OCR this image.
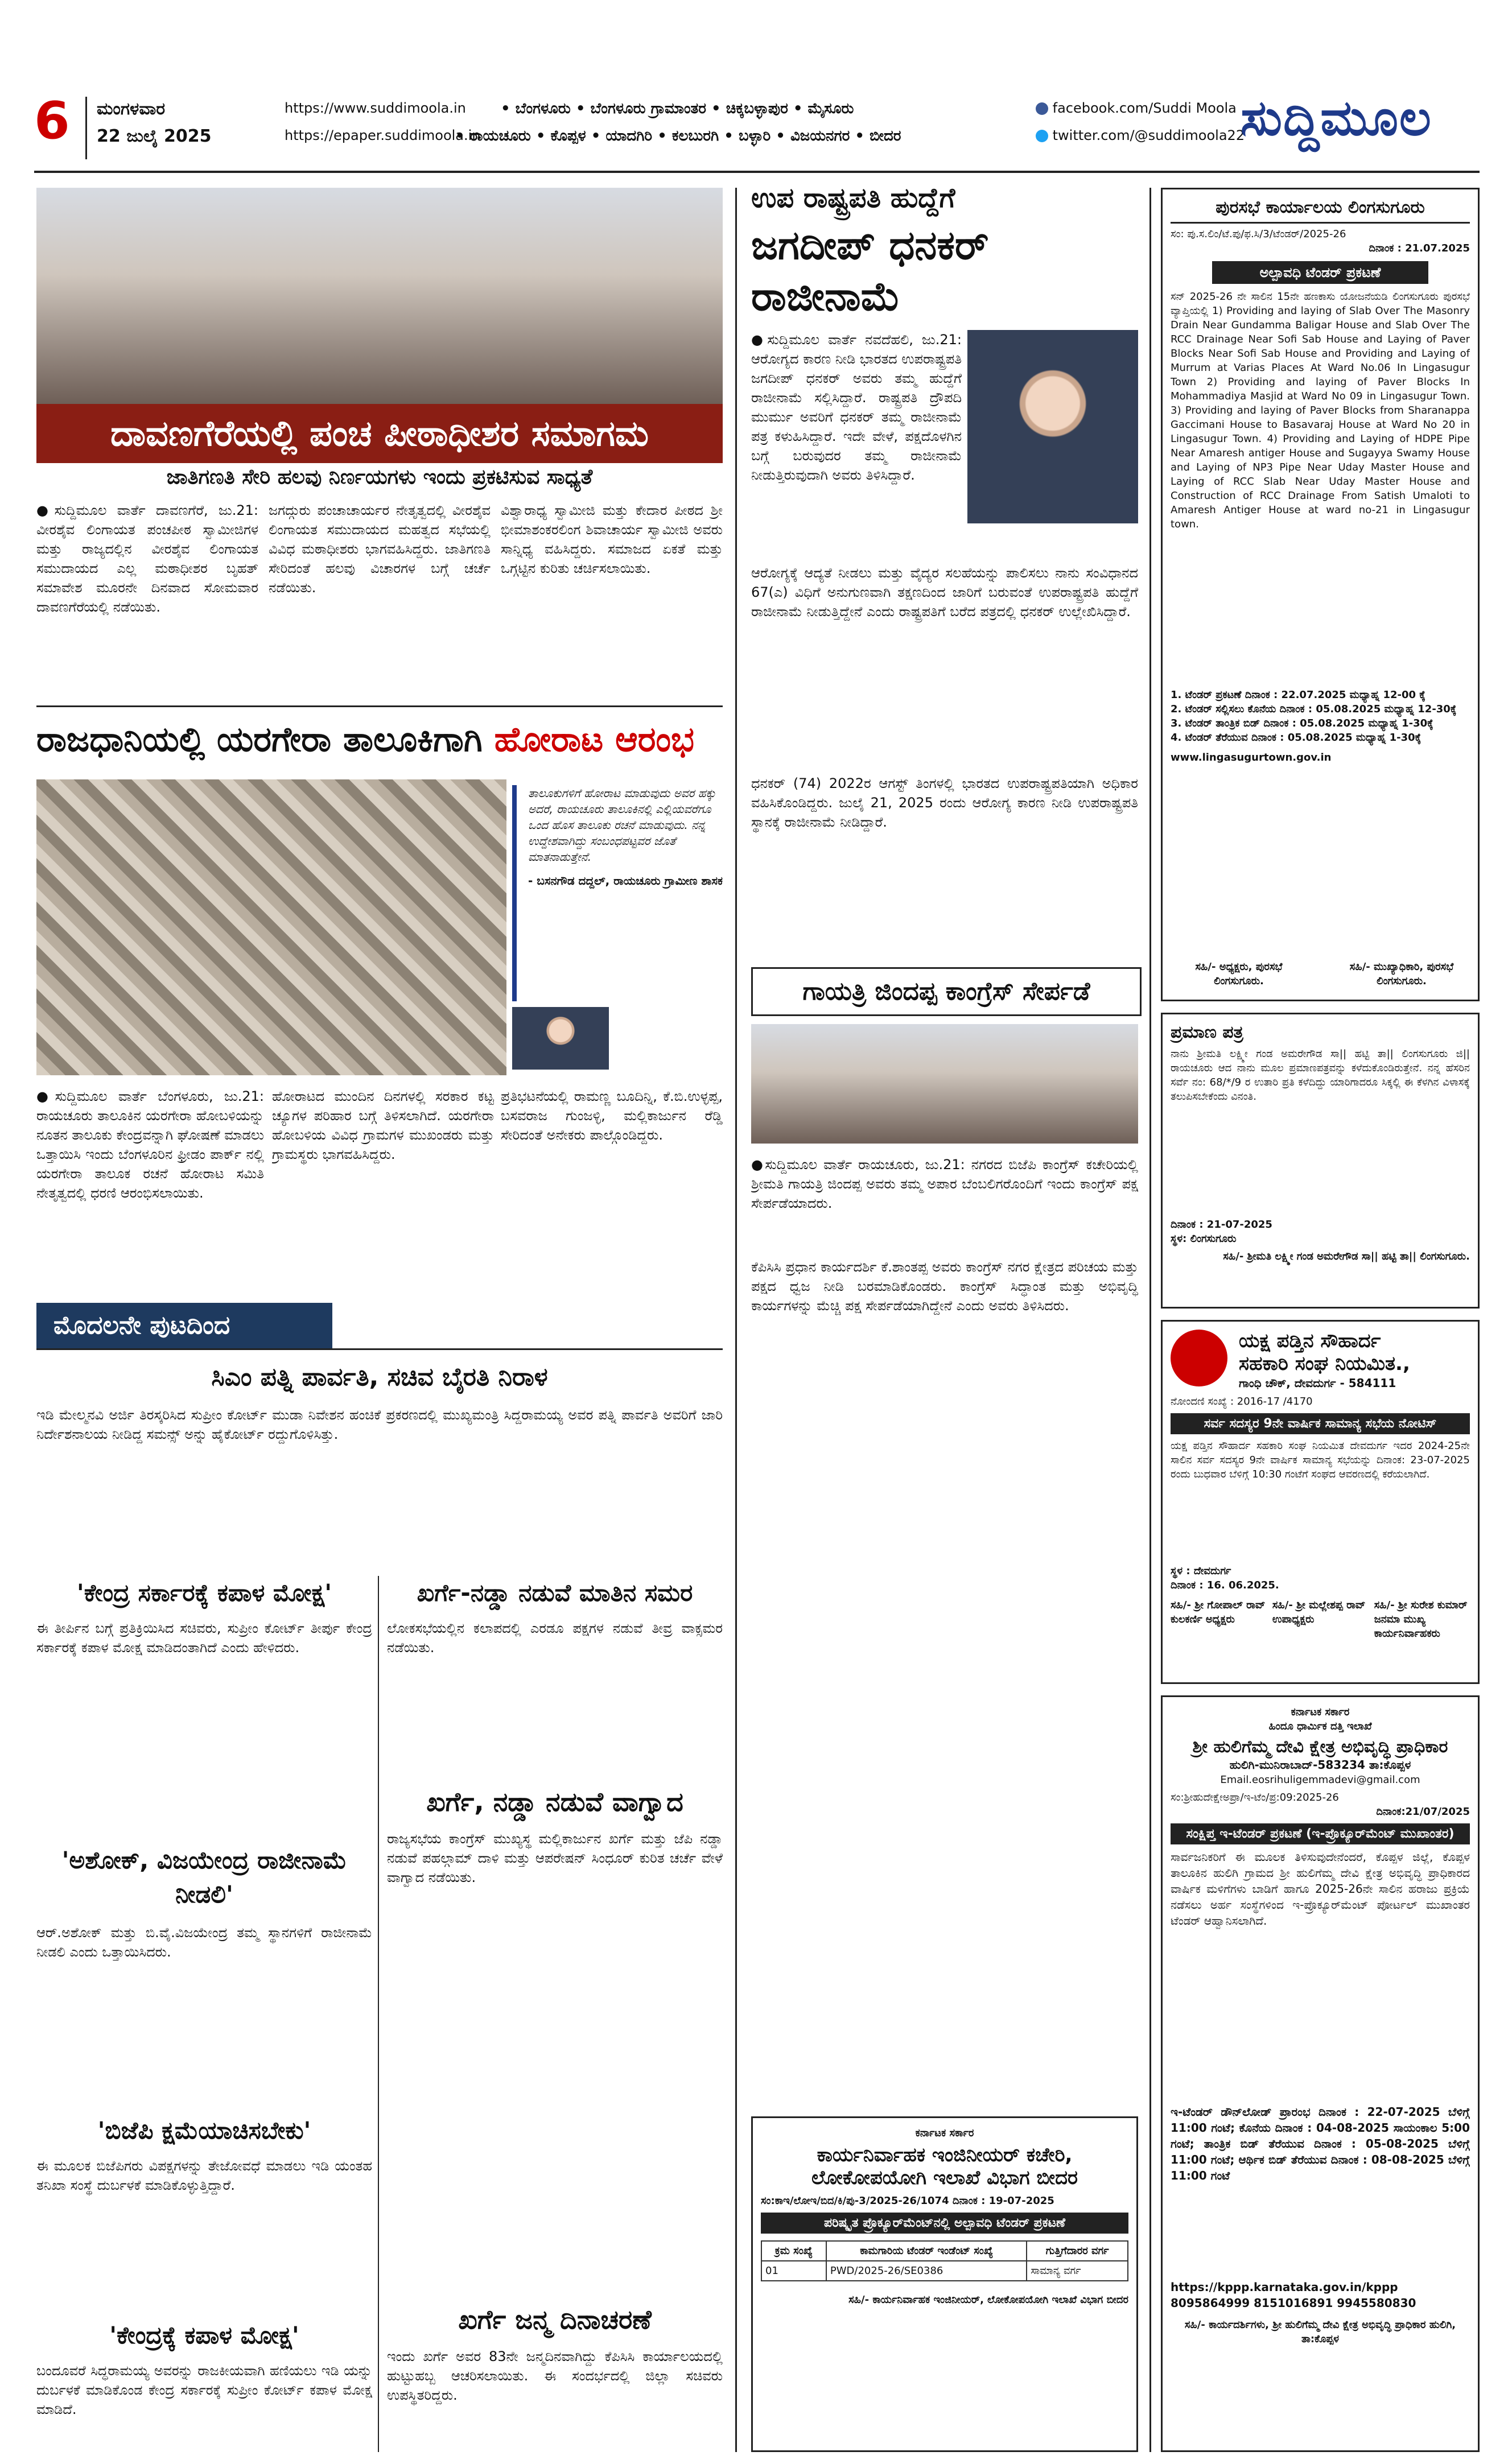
6 ಮಂಗಳವಾರ
22 ಜುಲೈ 2025
https://www.suddimoola.in
https://epaper.suddimoola.in
• ಬೆಂಗಳೂರು • ಬೆಂಗಳೂರು ಗ್ರಾಮಾಂತರ • ಚಿಕ್ಕಬಳ್ಳಾಪುರ • ಮೈಸೂರು
• ರಾಯಚೂರು • ಕೊಪ್ಪಳ • ಯಾದಗಿರಿ • ಕಲಬುರಗಿ • ಬಳ್ಳಾರಿ • ವಿಜಯನಗರ • ಬೀದರ
facebook.com/Suddi Moola
twitter.com/@suddimoola22
ಸುದ್ದಿಮೂಲ
ದಾವಣಗೆರೆಯಲ್ಲಿ ಪಂಚ ಪೀಠಾಧೀಶರ ಸಮಾಗಮ
ಜಾತಿಗಣತಿ ಸೇರಿ ಹಲವು ನಿರ್ಣಯಗಳು ಇಂದು ಪ್ರಕಟಿಸುವ ಸಾಧ್ಯತೆ
●ಸುದ್ದಿಮೂಲ ವಾರ್ತೆ ದಾವಣಗೆರೆ, ಜು.21: ವೀರಶೈವ ಲಿಂಗಾಯತ ಪಂಚಪೀಠ ಸ್ವಾಮೀಜಿಗಳ ಮತ್ತು ರಾಜ್ಯದಲ್ಲಿನ ವೀರಶೈವ ಲಿಂಗಾಯತ ಸಮುದಾಯದ ಎಲ್ಲ ಮಠಾಧೀಶರ ಬೃಹತ್ ಸಮಾವೇಶ ಮೂರನೇ ದಿನವಾದ ಸೋಮವಾರ ದಾವಣಗೆರೆಯಲ್ಲಿ ನಡೆಯಿತು.
ಜಗದ್ಗುರು ಪಂಚಾಚಾರ್ಯರ ನೇತೃತ್ವದಲ್ಲಿ ವೀರಶೈವ ಲಿಂಗಾಯತ ಸಮುದಾಯದ ಮಹತ್ವದ ಸಭೆಯಲ್ಲಿ ವಿವಿಧ ಮಠಾಧೀಶರು ಭಾಗವಹಿಸಿದ್ದರು. ಜಾತಿಗಣತಿ ಸೇರಿದಂತೆ ಹಲವು ವಿಚಾರಗಳ ಬಗ್ಗೆ ಚರ್ಚೆ ನಡೆಯಿತು.
ವಿಶ್ವಾರಾಧ್ಯ ಸ್ವಾಮೀಜಿ ಮತ್ತು ಕೇದಾರ ಪೀಠದ ಶ್ರೀ ಭೀಮಾಶಂಕರಲಿಂಗ ಶಿವಾಚಾರ್ಯ ಸ್ವಾಮೀಜಿ ಅವರು ಸಾನ್ನಿಧ್ಯ ವಹಿಸಿದ್ದರು. ಸಮಾಜದ ಏಕತೆ ಮತ್ತು ಒಗ್ಗಟ್ಟಿನ ಕುರಿತು ಚರ್ಚಿಸಲಾಯಿತು.
ರಾಜಧಾನಿಯಲ್ಲಿ ಯರಗೇರಾ ತಾಲೂಕಿಗಾಗಿ ಹೋರಾಟ ಆರಂಭ
ತಾಲೂಕುಗಳಿಗೆ ಹೋರಾಟ ಮಾಡುವುದು ಅವರ ಹಕ್ಕು ಅದರೆ, ರಾಯಚೂರು ತಾಲೂಕಿನಲ್ಲಿ ಎಲ್ಲಿಯವರೆಗೂ ಒಂದ ಹೊಸ ತಾಲೂಕು ರಚನೆ ಮಾಡುವುದು. ನನ್ನ ಉದ್ದೇಶವಾಗಿದ್ದು ಸಂಬಂಧಪಟ್ಟವರ ಜೊತೆ ಮಾತನಾಡುತ್ತೇನೆ.
- ಬಸನಗೌಡ ದದ್ದಲ್, ರಾಯಚೂರು ಗ್ರಾಮೀಣ ಶಾಸಕ
●ಸುದ್ದಿಮೂಲ ವಾರ್ತೆ ಬೆಂಗಳೂರು, ಜು.21: ರಾಯಚೂರು ತಾಲೂಕಿನ ಯರಗೇರಾ ಹೋಬಳಿಯನ್ನು ನೂತನ ತಾಲೂಕು ಕೇಂದ್ರವನ್ನಾಗಿ ಘೋಷಣೆ ಮಾಡಲು ಒತ್ತಾಯಿಸಿ ಇಂದು ಬೆಂಗಳೂರಿನ ಫ್ರೀಡಂ ಪಾರ್ಕ್ ನಲ್ಲಿ ಯರಗೇರಾ ತಾಲೂಕ ರಚನೆ ಹೋರಾಟ ಸಮಿತಿ ನೇತೃತ್ವದಲ್ಲಿ ಧರಣಿ ಆರಂಭಿಸಲಾಯಿತು.
ಹೋರಾಟದ ಮುಂದಿನ ದಿನಗಳಲ್ಲಿ ಸರಕಾರ ಕಟ್ಟ ಚ್ಯೂಗಳ ಪರಿಹಾರ ಬಗ್ಗೆ ತಿಳಿಸಲಾಗಿದೆ. ಯರಗೇರಾ ಹೋಬಳಿಯ ವಿವಿಧ ಗ್ರಾಮಗಳ ಮುಖಂಡರು ಮತ್ತು ಗ್ರಾಮಸ್ಥರು ಭಾಗವಹಿಸಿದ್ದರು.
ಪ್ರತಿಭಟನೆಯಲ್ಲಿ ರಾಮಣ್ಣ ಬೂದಿನ್ನಿ, ಕೆ.ಬಿ.ಉಳ್ಳಪ್ಪ, ಬಸವರಾಜ ಗುಂಜಳ್ಳಿ, ಮಲ್ಲಿಕಾರ್ಜುನ ರೆಡ್ಡಿ ಸೇರಿದಂತೆ ಅನೇಕರು ಪಾಲ್ಗೊಂಡಿದ್ದರು.
ಮೊದಲನೇ ಪುಟದಿಂದ
ಸಿಎಂ ಪತ್ನಿ ಪಾರ್ವತಿ, ಸಚಿವ ಬೈರತಿ ನಿರಾಳ
ಇಡಿ ಮೇಲ್ಮನವಿ ಅರ್ಜಿ ತಿರಸ್ಕರಿಸಿದ ಸುಪ್ರೀಂ ಕೋರ್ಟ್ ಮುಡಾ ನಿವೇಶನ ಹಂಚಿಕೆ ಪ್ರಕರಣದಲ್ಲಿ ಮುಖ್ಯಮಂತ್ರಿ ಸಿದ್ದರಾಮಯ್ಯ ಅವರ ಪತ್ನಿ ಪಾರ್ವತಿ ಅವರಿಗೆ ಜಾರಿ ನಿರ್ದೇಶನಾಲಯ ನೀಡಿದ್ದ ಸಮನ್ಸ್ ಅನ್ನು ಹೈಕೋರ್ಟ್ ರದ್ದುಗೊಳಿಸಿತ್ತು.
'ಕೇಂದ್ರ ಸರ್ಕಾರಕ್ಕೆ ಕಪಾಳ ಮೋಕ್ಷ'
ಈ ತೀರ್ಪಿನ ಬಗ್ಗೆ ಪ್ರತಿಕ್ರಿಯಿಸಿದ ಸಚಿವರು, ಸುಪ್ರೀಂ ಕೋರ್ಟ್ ತೀರ್ಪು ಕೇಂದ್ರ ಸರ್ಕಾರಕ್ಕೆ ಕಪಾಳ ಮೋಕ್ಷ ಮಾಡಿದಂತಾಗಿದೆ ಎಂದು ಹೇಳಿದರು.
'ಅಶೋಕ್, ವಿಜಯೇಂದ್ರ ರಾಜೀನಾಮೆ ನೀಡಲಿ'
ಆರ್.ಅಶೋಕ್ ಮತ್ತು ಬಿ.ವೈ.ವಿಜಯೇಂದ್ರ ತಮ್ಮ ಸ್ಥಾನಗಳಿಗೆ ರಾಜೀನಾಮೆ ನೀಡಲಿ ಎಂದು ಒತ್ತಾಯಿಸಿದರು.
'ಬಿಜೆಪಿ ಕ್ಷಮೆಯಾಚಿಸಬೇಕು'
ಈ ಮೂಲಕ ಬಿಜೆಪಿಗರು ವಿಪಕ್ಷಗಳನ್ನು ತೇಜೋವಧೆ ಮಾಡಲು ಇಡಿ ಯಂತಹ ತನಿಖಾ ಸಂಸ್ಥೆ ದುರ್ಬಳಕೆ ಮಾಡಿಕೊಳ್ಳುತ್ತಿದ್ದಾರೆ.
'ಕೇಂದ್ರಕ್ಕೆ ಕಪಾಳ ಮೋಕ್ಷ'
ಬಂದೂವರೆ ಸಿದ್ಧರಾಮಯ್ಯ ಅವರನ್ನು ರಾಜಕೀಯವಾಗಿ ಹಣಿಯಲು ಇಡಿ ಯನ್ನು ದುರ್ಬಳಕೆ ಮಾಡಿಕೊಂಡ ಕೇಂದ್ರ ಸರ್ಕಾರಕ್ಕೆ ಸುಪ್ರೀಂ ಕೋರ್ಟ್ ಕಪಾಳ ಮೋಕ್ಷ ಮಾಡಿದೆ.
ಖರ್ಗೆ-ನಡ್ಡಾ ನಡುವೆ ಮಾತಿನ ಸಮರ
ಲೋಕಸಭೆಯಲ್ಲಿನ ಕಲಾಪದಲ್ಲಿ ಎರಡೂ ಪಕ್ಷಗಳ ನಡುವೆ ತೀವ್ರ ವಾಕ್ಸಮರ ನಡೆಯಿತು.
ಖರ್ಗೆ, ನಡ್ಡಾ ನಡುವೆ ವಾಗ್ವಾದ
ರಾಜ್ಯಸಭೆಯ ಕಾಂಗ್ರೆಸ್ ಮುಖ್ಯಸ್ಥ ಮಲ್ಲಿಕಾರ್ಜುನ ಖರ್ಗೆ ಮತ್ತು ಜೆಪಿ ನಡ್ಡಾ ನಡುವೆ ಪಹಲ್ಗಾಮ್ ದಾಳಿ ಮತ್ತು ಆಪರೇಷನ್ ಸಿಂಧೂರ್ ಕುರಿತ ಚರ್ಚೆ ವೇಳೆ ವಾಗ್ವಾದ ನಡೆಯಿತು.
ಖರ್ಗೆ ಜನ್ಮ ದಿನಾಚರಣೆ
ಇಂದು ಖರ್ಗೆ ಅವರ 83ನೇ ಜನ್ಮದಿನವಾಗಿದ್ದು ಕೆಪಿಸಿಸಿ ಕಾರ್ಯಾಲಯದಲ್ಲಿ ಹುಟ್ಟುಹಬ್ಬ ಆಚರಿಸಲಾಯಿತು. ಈ ಸಂದರ್ಭದಲ್ಲಿ ಜಿಲ್ಲಾ ಸಚಿವರು ಉಪಸ್ಥಿತರಿದ್ದರು.
ಉಪ ರಾಷ್ಟ್ರಪತಿ ಹುದ್ದೆಗೆ
ಜಗದೀಪ್ ಧನಕರ್
ರಾಜೀನಾಮೆ
●ಸುದ್ದಿಮೂಲ ವಾರ್ತೆ ನವದೆಹಲಿ, ಜು.21: ಆರೋಗ್ಯದ ಕಾರಣ ನೀಡಿ ಭಾರತದ ಉಪರಾಷ್ಟ್ರಪತಿ ಜಗದೀಪ್ ಧನಕರ್ ಅವರು ತಮ್ಮ ಹುದ್ದೆಗೆ ರಾಜೀನಾಮೆ ಸಲ್ಲಿಸಿದ್ದಾರೆ. ರಾಷ್ಟ್ರಪತಿ ದ್ರೌಪದಿ ಮುರ್ಮು ಅವರಿಗೆ ಧನಕರ್ ತಮ್ಮ ರಾಜೀನಾಮೆ ಪತ್ರ ಕಳುಹಿಸಿದ್ದಾರೆ. ಇದೇ ವೇಳೆ, ಪಕ್ಷದೊಳಗಿನ ಬಗ್ಗೆ ಬರುವುದರ ತಮ್ಮ ರಾಜೀನಾಮೆ ನೀಡುತ್ತಿರುವುದಾಗಿ ಅವರು ತಿಳಿಸಿದ್ದಾರೆ.
ಆರೋಗ್ಯಕ್ಕೆ ಆದ್ಯತೆ ನೀಡಲು ಮತ್ತು ವೈದ್ಯರ ಸಲಹೆಯನ್ನು ಪಾಲಿಸಲು ನಾನು ಸಂವಿಧಾನದ 67(ಎ) ವಿಧಿಗೆ ಅನುಗುಣವಾಗಿ ತಕ್ಷಣದಿಂದ ಜಾರಿಗೆ ಬರುವಂತೆ ಉಪರಾಷ್ಟ್ರಪತಿ ಹುದ್ದೆಗೆ ರಾಜೀನಾಮೆ ನೀಡುತ್ತಿದ್ದೇನೆ ಎಂದು ರಾಷ್ಟ್ರಪತಿಗೆ ಬರೆದ ಪತ್ರದಲ್ಲಿ ಧನಕರ್ ಉಲ್ಲೇಖಿಸಿದ್ದಾರೆ.
ಧನಕರ್ (74) 2022ರ ಆಗಸ್ಟ್ ತಿಂಗಳಲ್ಲಿ ಭಾರತದ ಉಪರಾಷ್ಟ್ರಪತಿಯಾಗಿ ಅಧಿಕಾರ ವಹಿಸಿಕೊಂಡಿದ್ದರು. ಜುಲೈ 21, 2025 ರಂದು ಆರೋಗ್ಯ ಕಾರಣ ನೀಡಿ ಉಪರಾಷ್ಟ್ರಪತಿ ಸ್ಥಾನಕ್ಕೆ ರಾಜೀನಾಮೆ ನೀಡಿದ್ದಾರೆ.
ಗಾಯತ್ರಿ ಜಿಂದಪ್ಪ ಕಾಂಗ್ರೆಸ್ ಸೇರ್ಪಡೆ
●ಸುದ್ದಿಮೂಲ ವಾರ್ತೆ ರಾಯಚೂರು, ಜು.21: ನಗರದ ಬಿಜೆಪಿ ಕಾಂಗ್ರೆಸ್ ಕಚೇರಿಯಲ್ಲಿ ಶ್ರೀಮತಿ ಗಾಯತ್ರಿ ಜಿಂದಪ್ಪ ಅವರು ತಮ್ಮ ಅಪಾರ ಬೆಂಬಲಿಗರೊಂದಿಗೆ ಇಂದು ಕಾಂಗ್ರೆಸ್ ಪಕ್ಷ ಸೇರ್ಪಡೆಯಾದರು.
ಕೆಪಿಸಿಸಿ ಪ್ರಧಾನ ಕಾರ್ಯದರ್ಶಿ ಕೆ.ಶಾಂತಪ್ಪ ಅವರು ಕಾಂಗ್ರೆಸ್ ನಗರ ಕ್ಷೇತ್ರದ ಪರಿಚಯ ಮತ್ತು ಪಕ್ಷದ ಧ್ವಜ ನೀಡಿ ಬರಮಾಡಿಕೊಂಡರು. ಕಾಂಗ್ರೆಸ್ ಸಿದ್ಧಾಂತ ಮತ್ತು ಅಭಿವೃದ್ಧಿ ಕಾರ್ಯಗಳನ್ನು ಮೆಚ್ಚಿ ಪಕ್ಷ ಸೇರ್ಪಡೆಯಾಗಿದ್ದೇನೆ ಎಂದು ಅವರು ತಿಳಿಸಿದರು.
ಕರ್ನಾಟಕ ಸರ್ಕಾರ
ಕಾರ್ಯನಿರ್ವಾಹಕ ಇಂಜಿನೀಯರ್ ಕಚೇರಿ,
ಲೋಕೋಪಯೋಗಿ ಇಲಾಖೆ ವಿಭಾಗ ಬೀದರ
ಸಂ:ಕಾಇ/ಲೋಇ/ಬಿದ/ಕಿ/ಪು-3/2025-26/1074 ದಿನಾಂಕ : 19-07-2025
ಪರಿಷ್ಕೃತ ಪ್ರೊಕ್ಯೂರ್‌ಮೆಂಟ್‌ನಲ್ಲಿ ಅಲ್ಪಾವಧಿ ಟೆಂಡರ್ ಪ್ರಕಟಣೆ
ಕ್ರಮ ಸಂಖ್ಯೆ	ಕಾಮಗಾರಿಯ ಟೆಂಡರ್ ಇಂಡೆಂಟ್ ಸಂಖ್ಯೆ	ಗುತ್ತಿಗೆದಾರರ ವರ್ಗ
01	PWD/2025-26/SE0386	ಸಾಮಾನ್ಯ ವರ್ಗ
ಸಹಿ/- ಕಾರ್ಯನಿರ್ವಾಹಕ ಇಂಜಿನೀಯರ್, ಲೋಕೋಪಯೋಗಿ ಇಲಾಖೆ ವಿಭಾಗ ಬೀದರ
ಪುರಸಭೆ ಕಾರ್ಯಾಲಯ ಲಿಂಗಸುಗೂರು
ಸಂ: ಪು.ಸ.ಲಿಂ/ಟೆ.ಪು/ಫ.ಸಿ/3/ಟೆಂಡರ್/2025-26
ದಿನಾಂಕ : 21.07.2025
ಅಲ್ಪಾವಧಿ ಟೆಂಡರ್ ಪ್ರಕಟಣೆ
ಸನ್ 2025-26 ನೇ ಸಾಲಿನ 15ನೇ ಹಣಕಾಸು ಯೋಜನೆಯಡಿ ಲಿಂಗಸುಗೂರು ಪುರಸಭೆ ವ್ಯಾಪ್ತಿಯಲ್ಲಿ 1) Providing and laying of Slab Over The Masonry Drain Near Gundamma Baligar House and Slab Over The RCC Drainage Near Sofi Sab House and Laying of Paver Blocks Near Sofi Sab House and Providing and Laying of Murrum at Varias Places At Ward No.06 In Lingasugur Town 2) Providing and laying of Paver Blocks In Mohammadiya Masjid at Ward No 09 in Lingasugur Town. 3) Providing and laying of Paver Blocks from Sharanappa Gaccimani House to Basavaraj House at Ward No 20 in Lingasugur Town. 4) Providing and Laying of HDPE Pipe Near Amaresh antiger House and Sugayya Swamy House and Laying of NP3 Pipe Near Uday Master House and Laying of RCC Slab Near Uday Master House and Construction of RCC Drainage From Satish Umaloti to Amaresh Antiger House at ward no-21 in Lingasugur town.
1. ಟೆಂಡರ್ ಪ್ರಕಟಣೆ ದಿನಾಂಕ : 22.07.2025 ಮಧ್ಯಾಹ್ನ 12-00 ಕ್ಕೆ
2. ಟೆಂಡರ್ ಸಲ್ಲಿಸಲು ಕೊನೆಯ ದಿನಾಂಕ : 05.08.2025 ಮಧ್ಯಾಹ್ನ 12-30ಕ್ಕೆ
3. ಟೆಂಡರ್ ತಾಂತ್ರಿಕ ಬಿಡ್ ದಿನಾಂಕ : 05.08.2025 ಮಧ್ಯಾಹ್ನ 1-30ಕ್ಕೆ
4. ಟೆಂಡರ್ ತೆರೆಯುವ ದಿನಾಂಕ : 05.08.2025 ಮಧ್ಯಾಹ್ನ 1-30ಕ್ಕೆ
www.lingasugurtown.gov.in
ಸಹಿ/- ಅಧ್ಯಕ್ಷರು, ಪುರಸಭೆ ಲಿಂಗಸುಗೂರು.
ಸಹಿ/- ಮುಖ್ಯಾಧಿಕಾರಿ, ಪುರಸಭೆ ಲಿಂಗಸುಗೂರು.
ಪ್ರಮಾಣ ಪತ್ರ
ನಾನು ಶ್ರೀಮತಿ ಲಕ್ಷ್ಮೀ ಗಂಡ ಅಮರೇಗೌಡ ಸಾ|| ಹಟ್ಟಿ ತಾ|| ಲಿಂಗಸುಗೂರು ಜಿ|| ರಾಯಚೂರು ಆದ ನಾನು ಮೂಲ ಪ್ರಮಾಣಪತ್ರವನ್ನು ಕಳೆದುಕೊಂಡಿರುತ್ತೇನೆ. ನನ್ನ ಹೆಸರಿನ ಸರ್ವೆ ನಂ: 68/*/9 ರ ಉತಾರಿ ಪ್ರತಿ ಕಳೆದಿದ್ದು ಯಾರಿಗಾದರೂ ಸಿಕ್ಕಲ್ಲಿ ಈ ಕೆಳಗಿನ ವಿಳಾಸಕ್ಕೆ ತಲುಪಿಸಬೇಕೆಂದು ವಿನಂತಿ.
ದಿನಾಂಕ : 21-07-2025
ಸ್ಥಳ: ಲಿಂಗಸುಗೂರು
ಸಹಿ/- ಶ್ರೀಮತಿ ಲಕ್ಷ್ಮೀ ಗಂಡ ಅಮರೇಗೌಡ ಸಾ|| ಹಟ್ಟಿ ತಾ|| ಲಿಂಗಸುಗೂರು.
ಯಕ್ಷ ಪಡ್ತಿನ ಸೌಹಾರ್ದ
ಸಹಕಾರಿ ಸಂಘ ನಿಯಮಿತ.,
ಗಾಂಧಿ ಚೌಕ್, ದೇವದುರ್ಗ - 584111
ನೋಂದಣಿ ಸಂಖ್ಯೆ : 2016-17 /4170
ಸರ್ವ ಸದಸ್ಯರ 9ನೇ ವಾರ್ಷಿಕ ಸಾಮಾನ್ಯ ಸಭೆಯ ನೋಟಿಸ್
ಯಕ್ಷ ಪಡ್ತಿನ ಸೌಹಾರ್ದ ಸಹಕಾರಿ ಸಂಘ ನಿಯಮಿತ ದೇವದುರ್ಗ ಇದರ 2024-25ನೇ ಸಾಲಿನ ಸರ್ವ ಸದಸ್ಯರ 9ನೇ ವಾರ್ಷಿಕ ಸಾಮಾನ್ಯ ಸಭೆಯನ್ನು ದಿನಾಂಕ: 23-07-2025 ರಂದು ಬುಧವಾರ ಬೆಳಿಗ್ಗೆ 10:30 ಗಂಟೆಗೆ ಸಂಘದ ಆವರಣದಲ್ಲಿ ಕರೆಯಲಾಗಿದೆ.
ಸ್ಥಳ : ದೇವದುರ್ಗ
ದಿನಾಂಕ : 16. 06.2025.
ಸಹಿ/- ಶ್ರೀ ಗೋಪಾಲ್ ರಾವ್ ಕುಲಕರ್ಣಿ ಅಧ್ಯಕ್ಷರು
ಸಹಿ/- ಶ್ರೀ ಮಲ್ಲೇಶಪ್ಪ ರಾವ್ ಉಪಾಧ್ಯಕ್ಷರು
ಸಹಿ/- ಶ್ರೀ ಸುರೇಶ ಕುಮಾರ್ ಜನಮಾ ಮುಖ್ಯ ಕಾರ್ಯನಿರ್ವಾಹಕರು
ಕರ್ನಾಟಕ ಸರ್ಕಾರ
ಹಿಂದೂ ಧಾರ್ಮಿಕ ದತ್ತಿ ಇಲಾಖೆ
ಶ್ರೀ ಹುಲಿಗೆಮ್ಮ ದೇವಿ ಕ್ಷೇತ್ರ ಅಭಿವೃದ್ಧಿ ಪ್ರಾಧಿಕಾರ
ಹುಲಿಗಿ-ಮುನಿರಾಬಾದ್-583234 ತಾ:ಕೊಪ್ಪಳ
Email.eosrihuligemmadevi@gmail.com
ಸಂ:ಶ್ರೀಹುದೇಕ್ಷೇಅಪ್ರಾ/ಇ-ಟೆಂ/ಪ್ರ:09:2025-26
ದಿನಾಂಕ:21/07/2025
ಸಂಕ್ಷಿಪ್ತ ಇ-ಟೆಂಡರ್ ಪ್ರಕಟಣೆ (ಇ-ಪ್ರೊಕ್ಯೂರ್‌ಮೆಂಟ್ ಮುಖಾಂತರ)
ಸಾರ್ವಜನಿಕರಿಗೆ ಈ ಮೂಲಕ ತಿಳಿಸುವುದೇನೆಂದರೆ, ಕೊಪ್ಪಳ ಜಿಲ್ಲೆ, ಕೊಪ್ಪಳ ತಾಲೂಕಿನ ಹುಲಿಗಿ ಗ್ರಾಮದ ಶ್ರೀ ಹುಲಿಗೆಮ್ಮ ದೇವಿ ಕ್ಷೇತ್ರ ಅಭಿವೃದ್ಧಿ ಪ್ರಾಧಿಕಾರದ ವಾರ್ಷಿಕ ಮಳಿಗೆಗಳು ಬಾಡಿಗೆ ಹಾಗೂ 2025-26ನೇ ಸಾಲಿನ ಹರಾಜು ಪ್ರಕ್ರಿಯೆ ನಡೆಸಲು ಅರ್ಹ ಸಂಸ್ಥೆಗಳಿಂದ ಇ-ಪ್ರೊಕ್ಯೂರ್‌ಮೆಂಟ್ ಪೋರ್ಟಲ್ ಮುಖಾಂತರ ಟೆಂಡರ್ ಆಹ್ವಾನಿಸಲಾಗಿದೆ.
ಇ-ಟೆಂಡರ್ ಡೌನ್‌ಲೋಡ್ ಪ್ರಾರಂಭ ದಿನಾಂಕ : 22-07-2025 ಬೆಳಿಗ್ಗೆ 11:00 ಗಂಟೆ; ಕೊನೆಯ ದಿನಾಂಕ : 04-08-2025 ಸಾಯಂಕಾಲ 5:00 ಗಂಟೆ; ತಾಂತ್ರಿಕ ಬಿಡ್ ತೆರೆಯುವ ದಿನಾಂಕ : 05-08-2025 ಬೆಳಿಗ್ಗೆ 11:00 ಗಂಟೆ; ಆರ್ಥಿಕ ಬಿಡ್ ತೆರೆಯುವ ದಿನಾಂಕ : 08-08-2025 ಬೆಳಿಗ್ಗೆ 11:00 ಗಂಟೆ
https://kppp.karnataka.gov.in/kppp
8095864999 8151016891 9945580830
ಸಹಿ/- ಕಾರ್ಯದರ್ಶಿಗಳು, ಶ್ರೀ ಹುಲಿಗೆಮ್ಮ ದೇವಿ ಕ್ಷೇತ್ರ ಅಭಿವೃದ್ಧಿ ಪ್ರಾಧಿಕಾರ ಹುಲಿಗಿ, ತಾ:ಕೊಪ್ಪಳ
